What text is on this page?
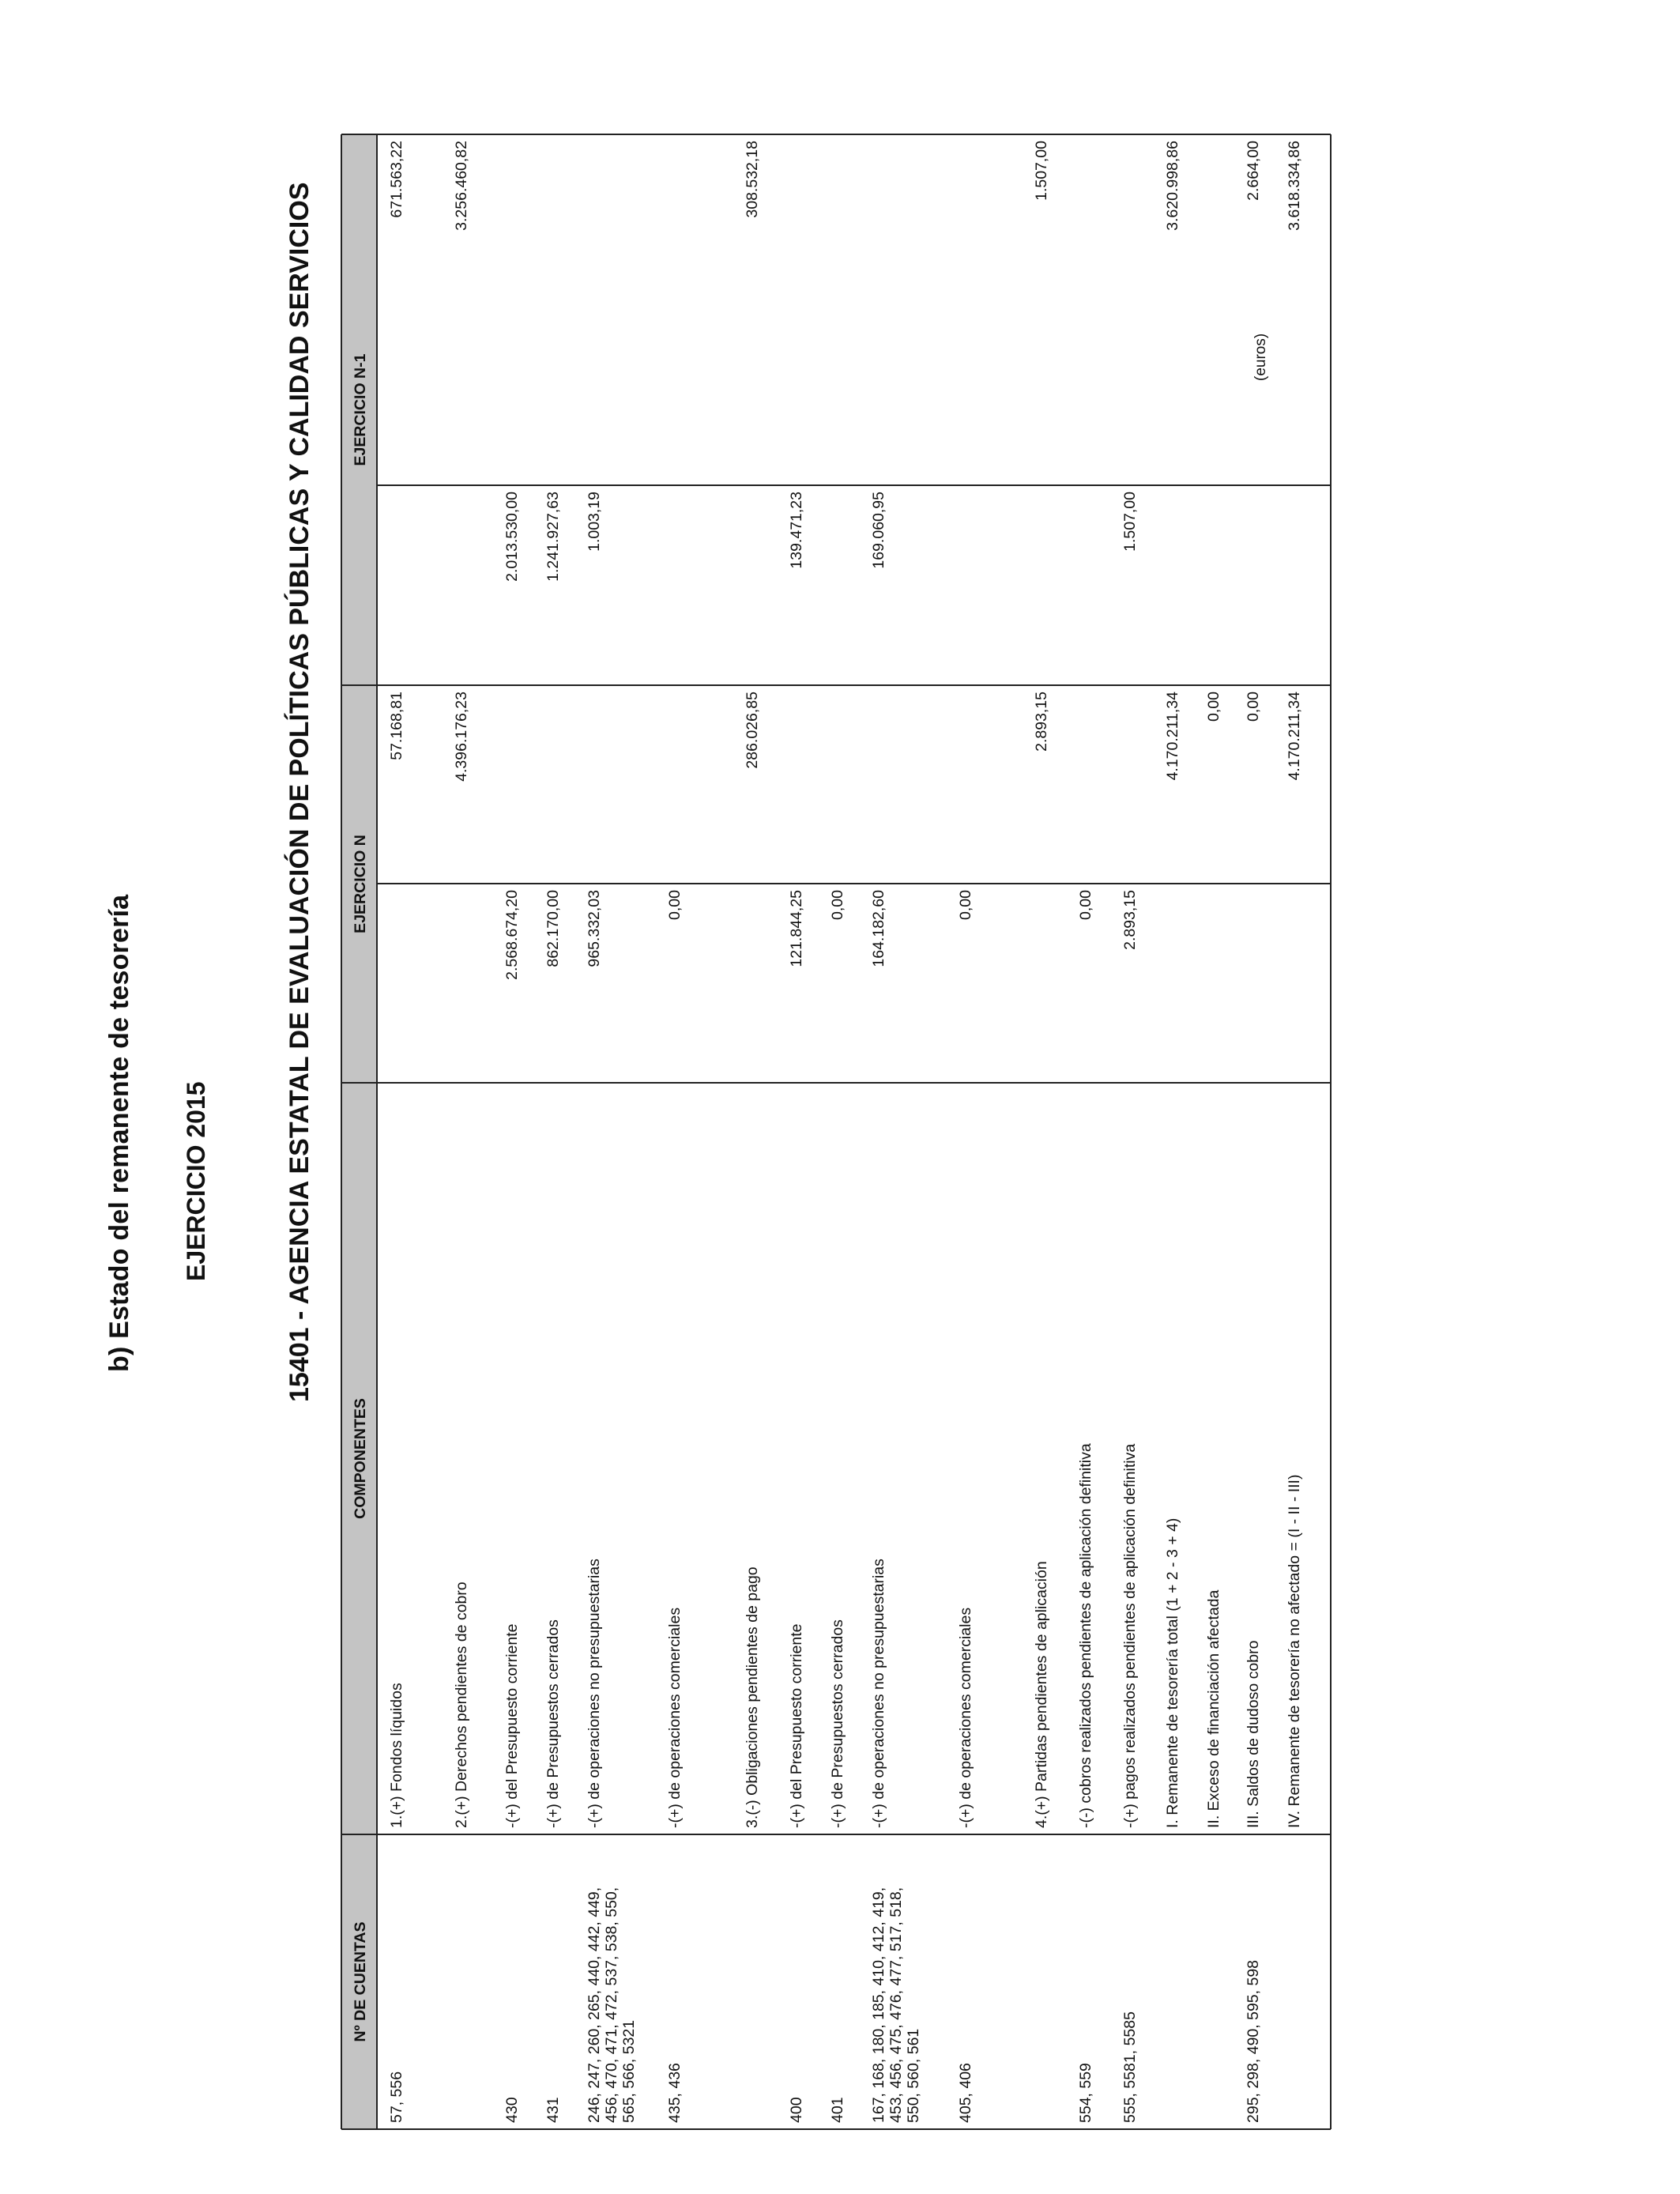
b) Estado del remanente de tesorería EJERCICIO 2015	15401 - AGENCIA ESTATAL DE EVALUACIÓN DE POLÍTICAS PÚBLICAS Y CALIDAD SERVICIOS	(euros)
Nº DE CUENTAS
COMPONENTES
EJERCICIO N
EJERCICIO N-1
57, 556
1.(+) Fondos líquidos
57.168,81
671.563,22
2.(+) Derechos pendientes de cobro
4.396.176,23
3.256.460,82
430
-(+) del Presupuesto corriente
2.568.674,20
2.013.530,00
431
-(+) de Presupuestos cerrados
862.170,00
1.241.927,63
246, 247, 260, 265, 440, 442, 449, 456, 470, 471, 472, 537, 538, 550, 565, 566, 5321
-(+) de operaciones no presupuestarias
965.332,03
1.003,19
435, 436
-(+) de operaciones comerciales
0,00
3.(-) Obligaciones pendientes de pago
286.026,85
308.532,18
400
-(+) del Presupuesto corriente
121.844,25
139.471,23
401
-(+) de Presupuestos cerrados
0,00
167, 168, 180, 185, 410, 412, 419, 453, 456, 475, 476, 477, 517, 518, 550, 560, 561
-(+) de operaciones no presupuestarias
164.182,60
169.060,95
405, 406
-(+) de operaciones comerciales
0,00
4.(+) Partidas pendientes de aplicación
2.893,15
1.507,00
554, 559
-(-) cobros realizados pendientes de aplicación definitiva
0,00
555, 5581, 5585
-(+) pagos realizados pendientes de aplicación definitiva
2.893,15
1.507,00
I. Remanente de tesorería total (1 + 2 - 3 + 4)
4.170.211,34
3.620.998,86
II. Exceso de financiación afectada
0,00
295, 298, 490, 595, 598
III. Saldos de dudoso cobro
0,00
2.664,00
IV. Remanente de tesorería no afectado = (I - II - III)
4.170.211,34
3.618.334,86
